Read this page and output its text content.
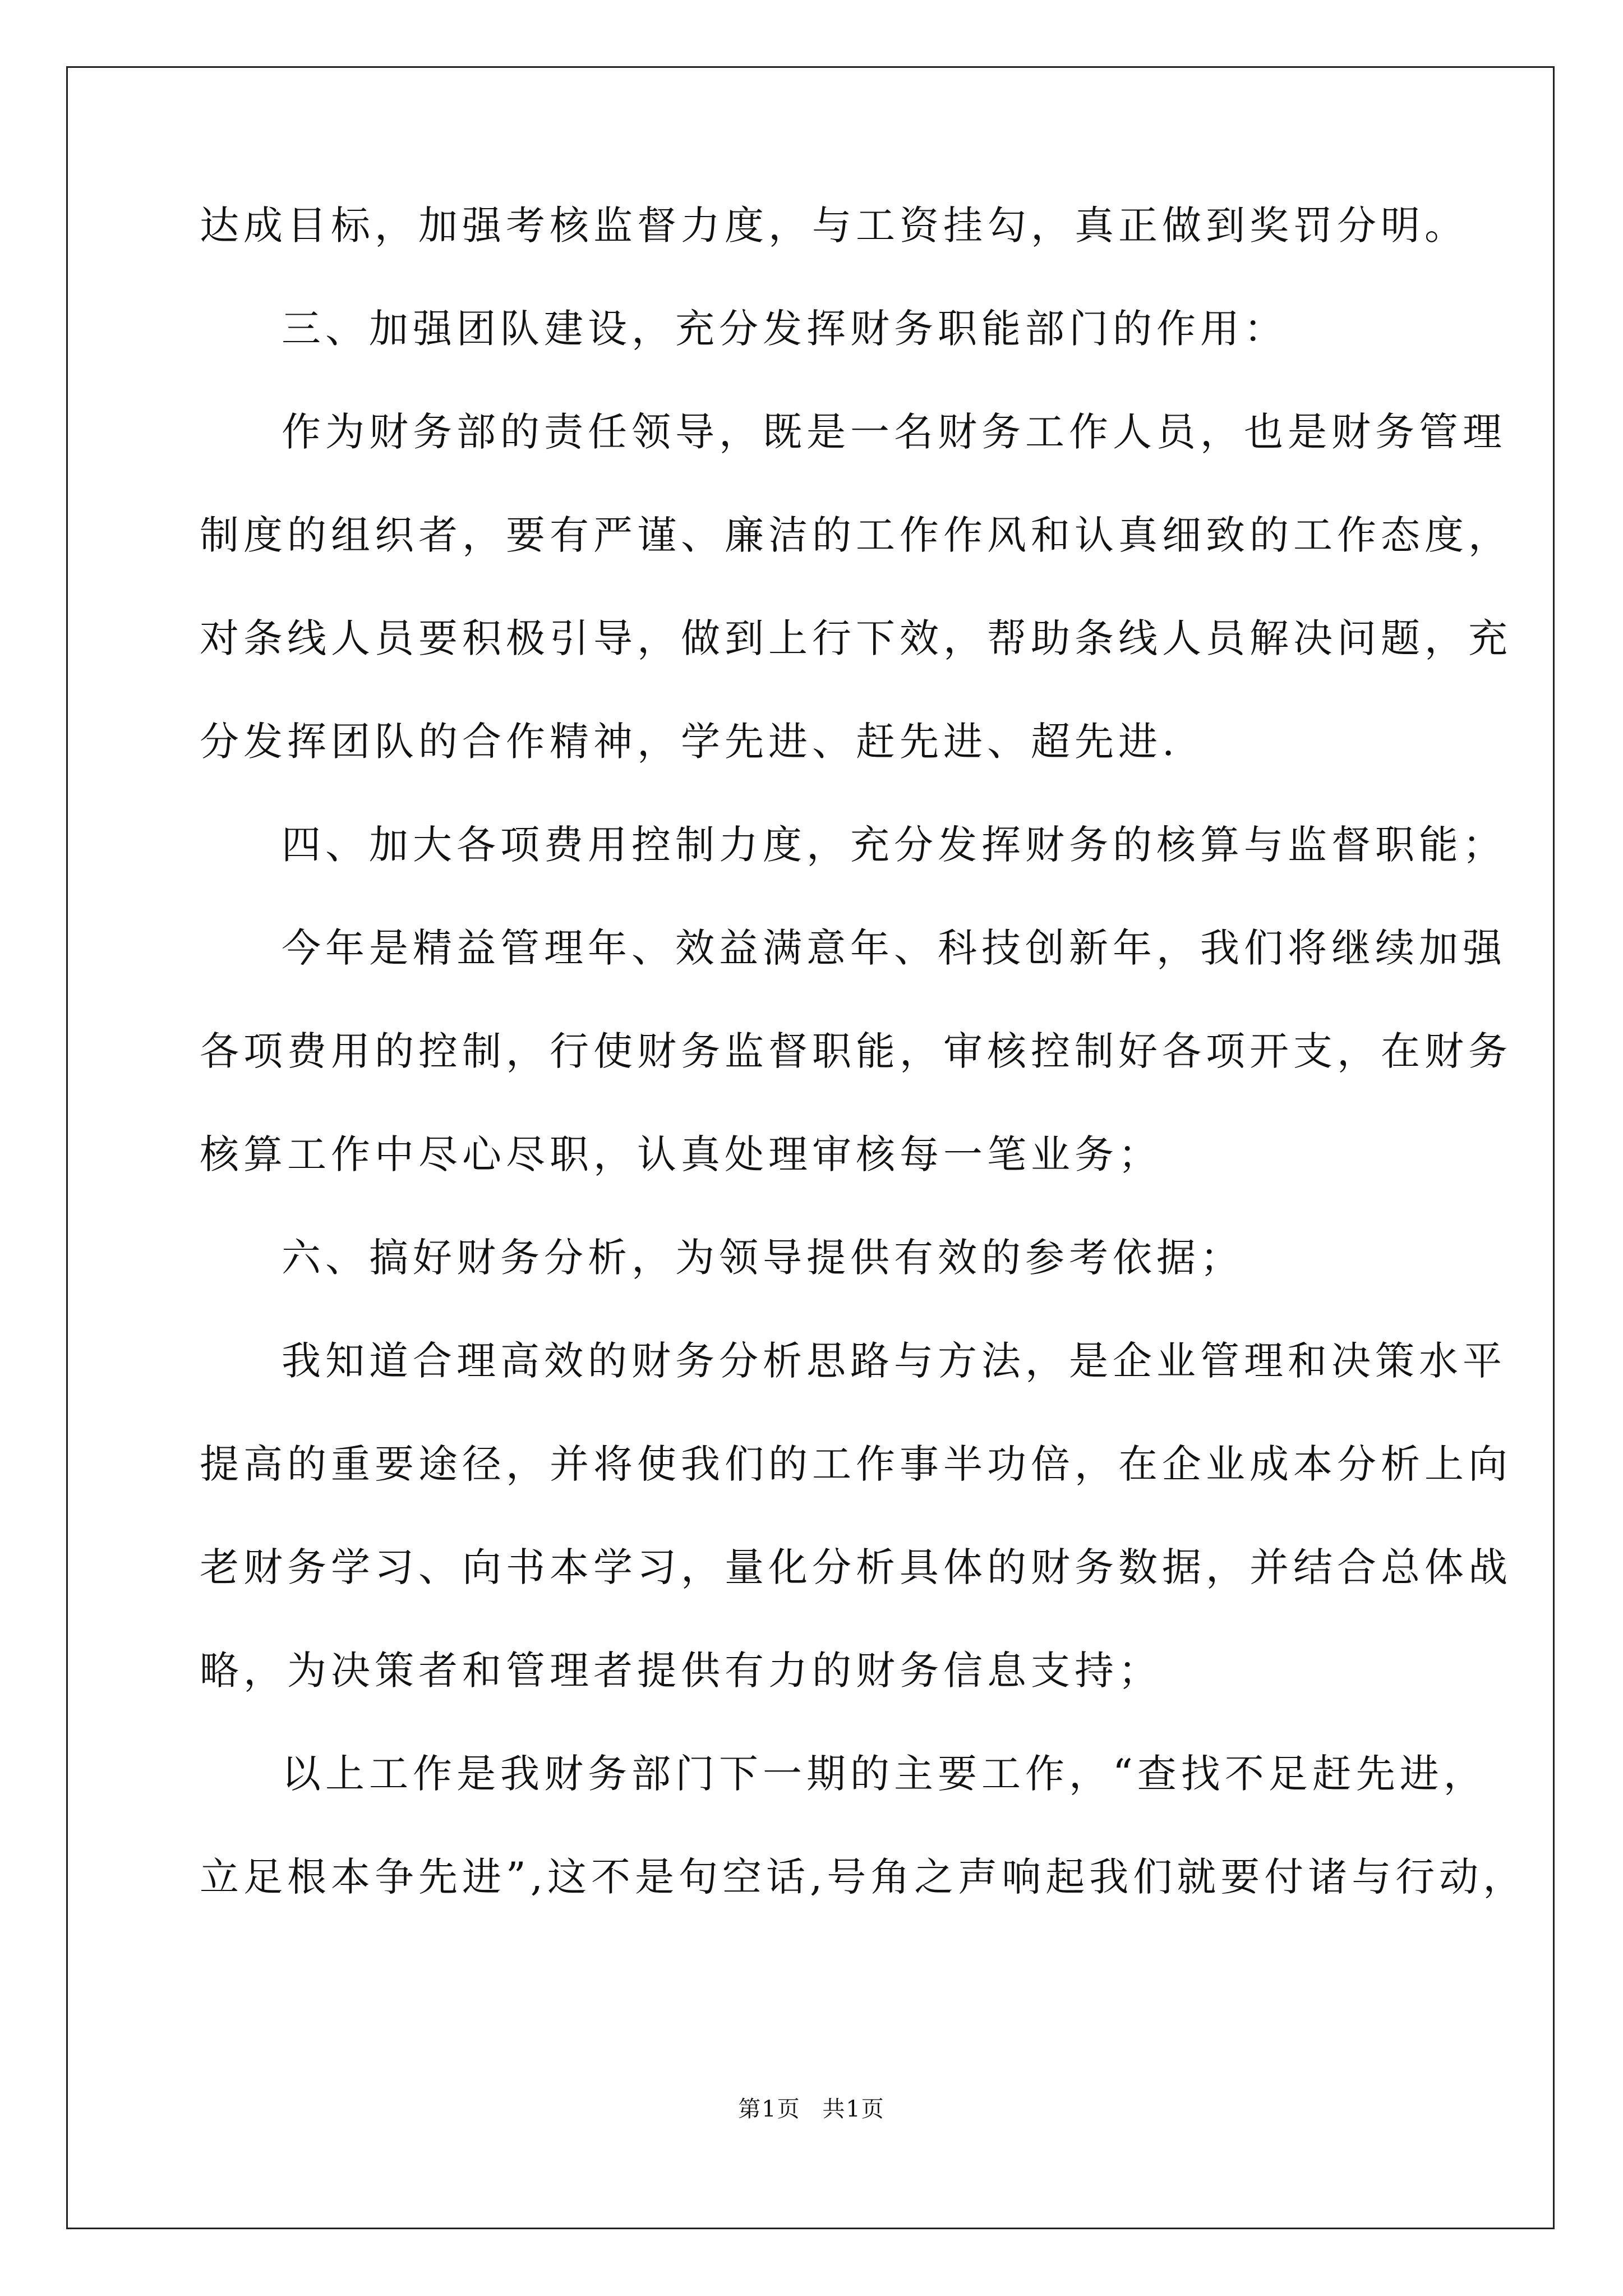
达成目标，加强考核监督力度，与工资挂勾，真正做到奖罚分明。
三、加强团队建设，充分发挥财务职能部门的作用：
作为财务部的责任领导，既是一名财务工作人员，也是财务管理
制度的组织者，要有严谨、廉洁的工作作风和认真细致的工作态度，
对条线人员要积极引导，做到上行下效，帮助条线人员解决问题，充
分发挥团队的合作精神，学先进、赶先进、超先进.
四、加大各项费用控制力度，充分发挥财务的核算与监督职能；
今年是精益管理年、效益满意年、科技创新年，我们将继续加强
各项费用的控制，行使财务监督职能，审核控制好各项开支，在财务
核算工作中尽心尽职，认真处理审核每一笔业务；
六、搞好财务分析，为领导提供有效的参考依据；
我知道合理高效的财务分析思路与方法，是企业管理和决策水平
提高的重要途径，并将使我们的工作事半功倍，在企业成本分析上向
老财务学习、向书本学习，量化分析具体的财务数据，并结合总体战
略，为决策者和管理者提供有力的财务信息支持；
以上工作是我财务部门下一期的主要工作，“查找不足赶先进，
立足根本争先进”,这不是句空话,号角之声响起我们就要付诸与行动，
第1页 共1页
